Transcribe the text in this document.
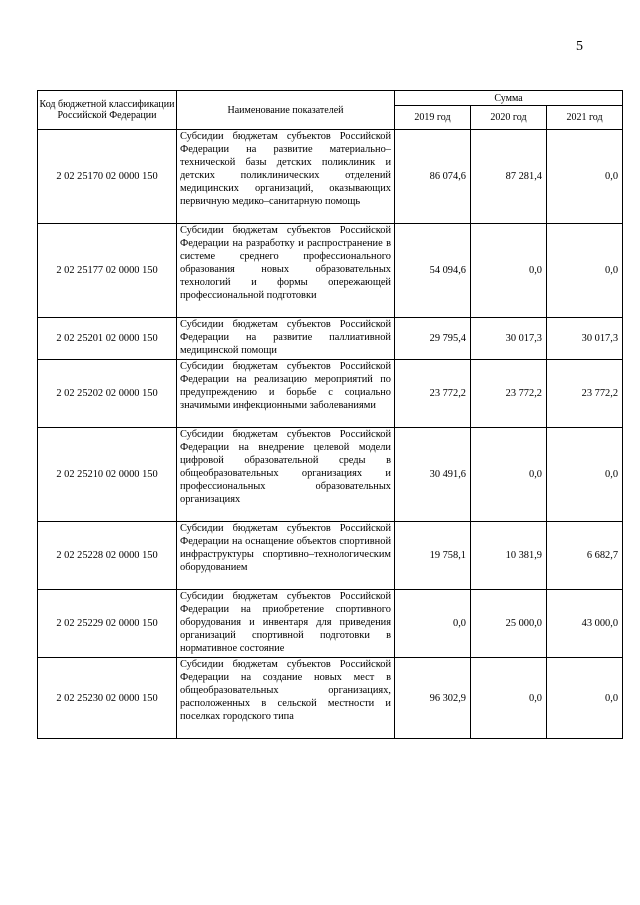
5
Код бюджетной классификации Российской Федерации	Наименование показателей	Сумма		
		2019 год	2020 год	2021 год
2 02 25170 02 0000 150	Субсидии бюджетам субъектов Российской Федерации на развитие материально–технической базы детских поликлиник и детских поликлинических отделений медицинских организаций, оказывающих первичную медико–санитарную помощь	86 074,6	87 281,4	0,0
2 02 25177 02 0000 150	Субсидии бюджетам субъектов Российской Федерации на разработку и распространение в системе среднего профессионального образования новых образовательных технологий и формы опережающей профессиональной подготовки	54 094,6	0,0	0,0
2 02 25201 02 0000 150	Субсидии бюджетам субъектов Российской Федерации на развитие паллиативной медицинской помощи	29 795,4	30 017,3	30 017,3
2 02 25202 02 0000 150	Субсидии бюджетам субъектов Российской Федерации на реализацию мероприятий по предупреждению и борьбе с социально значимыми инфекционными заболеваниями	23 772,2	23 772,2	23 772,2
2 02 25210 02 0000 150	Субсидии бюджетам субъектов Российской Федерации на внедрение целевой модели цифровой образовательной среды в общеобразовательных организациях и профессиональных образовательных организациях	30 491,6	0,0	0,0
2 02 25228 02 0000 150	Субсидии бюджетам субъектов Российской Федерации на оснащение объектов спортивной инфраструктуры спортивно–технологическим оборудованием	19 758,1	10 381,9	6 682,7
2 02 25229 02 0000 150	Субсидии бюджетам субъектов Российской Федерации на приобретение спортивного оборудования и инвентаря для приведения организаций спортивной подготовки в нормативное состояние	0,0	25 000,0	43 000,0
2 02 25230 02 0000 150	Субсидии бюджетам субъектов Российской Федерации на создание новых мест в общеобразовательных организациях, расположенных в сельской местности и поселках городского типа	96 302,9	0,0	0,0
